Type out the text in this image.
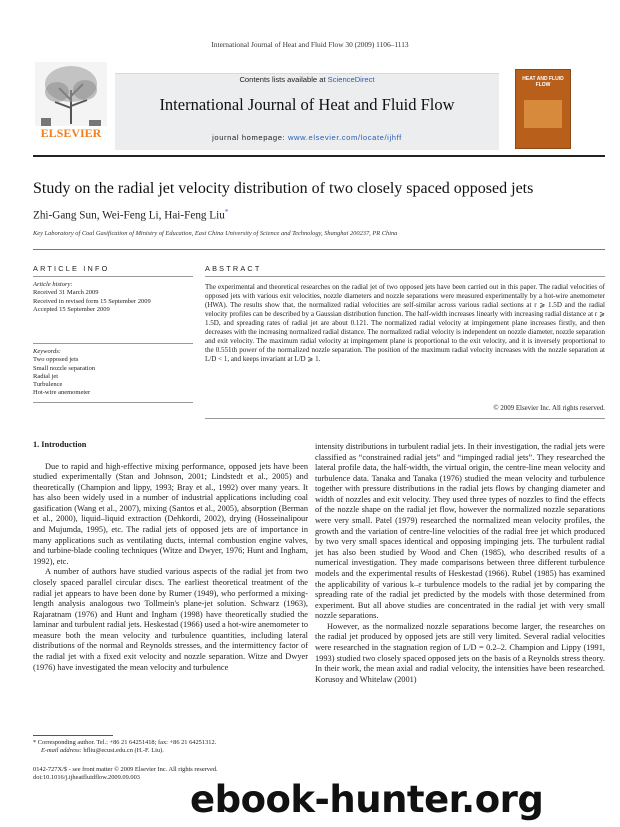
International Journal of Heat and Fluid Flow 30 (2009) 1106–1113
ELSEVIER
Contents lists available at ScienceDirect
International Journal of Heat and Fluid Flow
journal homepage: www.elsevier.com/locate/ijhff
HEAT AND FLUID FLOW
Study on the radial jet velocity distribution of two closely spaced opposed jets
Zhi-Gang Sun, Wei-Feng Li, Hai-Feng Liu*
Key Laboratory of Coal Gasification of Ministry of Education, East China University of Science and Technology, Shanghai 200237, PR China
ARTICLE INFO	ABSTRACT
Article history:
Received 31 March 2009
Received in revised form 15 September 2009
Accepted 15 September 2009
Keywords:
Two opposed jets
Small nozzle separation
Radial jet
Turbulence
Hot-wire anemometer
The experimental and theoretical researches on the radial jet of two opposed jets have been carried out in this paper. The radial velocities of opposed jets with various exit velocities, nozzle diameters and nozzle separations were measured experimentally by a hot-wire anemometer (HWA). The results show that, the normalized radial velocities are self-similar across various radial sections at r ⩾ 1.5D and the radial velocity profiles can be described by a Gaussian distribution function. The half-width increases linearly with increasing radial distance at r ⩾ 1.5D, and spreading rates of radial jet are about 0.121. The normalized radial velocity at impingement plane increases firstly, and then decreases with the increasing normalized radial distance. The normalized radial velocity is independent on nozzle diameter, nozzle separation and exit velocity. The maximum radial velocity at impingement plane is proportional to the exit velocity, and it is inversely proportional to the 0.551th power of the normalized nozzle separation. The position of the maximum radial velocity increases with the nozzle separation at L/D < 1, and keeps invariant at L/D ⩾ 1.
© 2009 Elsevier Inc. All rights reserved.
1. Introduction

Due to rapid and high-effective mixing performance, opposed jets have been studied experimentally (Stan and Johnson, 2001; Lindstedt et al., 2005) and theoretically (Champion and lippy, 1993; Bray et al., 1992) over many years. It has also been widely used in a number of industrial applications including coal gasification (Wang et al., 2007), mixing (Santos et al., 2005), absorption (Berman et al., 2000), liquid–liquid extraction (Dehkordi, 2002), drying (Hosseinalipour and Mujumda, 1995), etc. The radial jets of opposed jets are of importance in many applications such as ventilating ducts, internal combustion engine valves, and turbine-blade cooling techniques (Witze and Dwyer, 1976; Hunt and Ingham, 1992), etc.

A number of authors have studied various aspects of the radial jet from two closely spaced parallel circular discs. The earliest theoretical treatment of the radial jet appears to have been done by Rumer (1949), who performed a mixing-length analysis analogous two Tollmein's plane-jet solution. Schwarz (1963), Rajaratnam (1976) and Hunt and Ingham (1998) have theoretically studied the laminar and turbulent radial jets. Heskestad (1966) used a hot-wire anemometer to measure both the mean velocity and turbulence quantities, including lateral distributions of the normal and Reynolds stresses, and the intermittency factor of the radial jet with a fixed exit velocity and nozzle separation. Witze and Dwyer (1976) have investigated the mean velocity and turbulence

intensity distributions in turbulent radial jets. In their investigation, the radial jets were classified as “constrained radial jets” and “impinged radial jets”. They researched the lateral profile data, the half-width, the virtual origin, the centre-line mean velocity and turbulence data. Tanaka and Tanaka (1976) studied the mean velocity and turbulence together with pressure distributions in the radial jets flows by changing diameter and width of nozzles and exit velocity. They used three types of nozzles to find the effects of the nozzle shape on the radial jet flow, however the normalized nozzle separations were very small. Patel (1979) researched the normalized mean velocity profiles, the growth and the variation of centre-line velocities of the radial free jet which produced by two very small spaces identical and opposing impinging jets. The turbulent radial jet has also been studied by Wood and Chen (1985), who described results of a numerical investigation. They made comparisons between three different turbulence models and the experimental results of Heskestad (1966). Rubel (1985) has examined the applicability of various k–ε turbulence models to the radial jet by comparing the spreading rate of the radial jet predicted by the models with those determined from experiment. But all above studies are concentrated in the radial jet with very small nozzle separations.

However, as the normalized nozzle separations become larger, the researches on the radial jet produced by opposed jets are still very limited. Several radial velocities were researched in the stagnation region of L/D = 0.2–2. Champion and Lippy (1991, 1993) studied two closely spaced opposed jets on the basis of a Reynolds stress theory. In their work, the mean axial and radial velocity, the intensities have been researched. Korusoy and Whitelaw (2001)

* Corresponding author. Tel.: +86 21 64251418; fax: +86 21 64251312.
E-mail address: hfliu@ecust.edu.cn (H.-F. Liu).
0142-727X/$ - see front matter © 2009 Elsevier Inc. All rights reserved.
doi:10.1016/j.ijheatfluidflow.2009.09.003
ebook-hunter.org
